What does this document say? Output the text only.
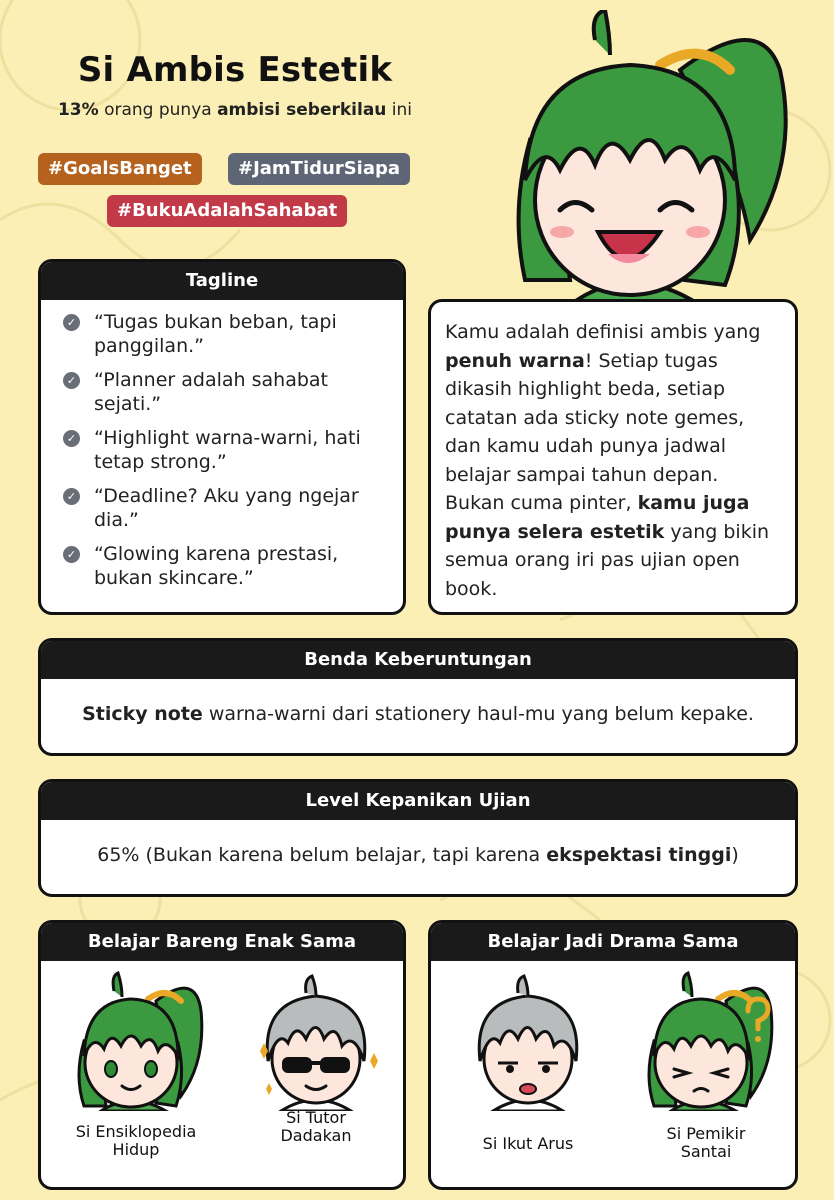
Si Ambis Estetik
13% orang punya ambisi seberkilau ini
#GoalsBanget	#JamTidurSiapa
#BukuAdalahSahabat
Tagline
✓ “Tugas bukan beban, tapi panggilan.”
✓ “Planner adalah sahabat sejati.”
✓ “Highlight warna-warni, hati tetap strong.”
✓ “Deadline? Aku yang ngejar dia.”
✓ “Glowing karena prestasi, bukan skincare.”
Kamu adalah definisi ambis yang penuh warna! Setiap tugas dikasih highlight beda, setiap catatan ada sticky note gemes, dan kamu udah punya jadwal belajar sampai tahun depan. Bukan cuma pinter, kamu juga punya selera estetik yang bikin semua orang iri pas ujian open book.
Benda Keberuntungan
Sticky note warna-warni dari stationery haul-mu yang belum kepake.
Level Kepanikan Ujian
65% (Bukan karena belum belajar, tapi karena ekspektasi tinggi)
Belajar Bareng Enak Sama
Si Ensiklopedia Hidup
Si Tutor Dadakan
Belajar Jadi Drama Sama
Si Ikut Arus
Si Pemikir Santai
